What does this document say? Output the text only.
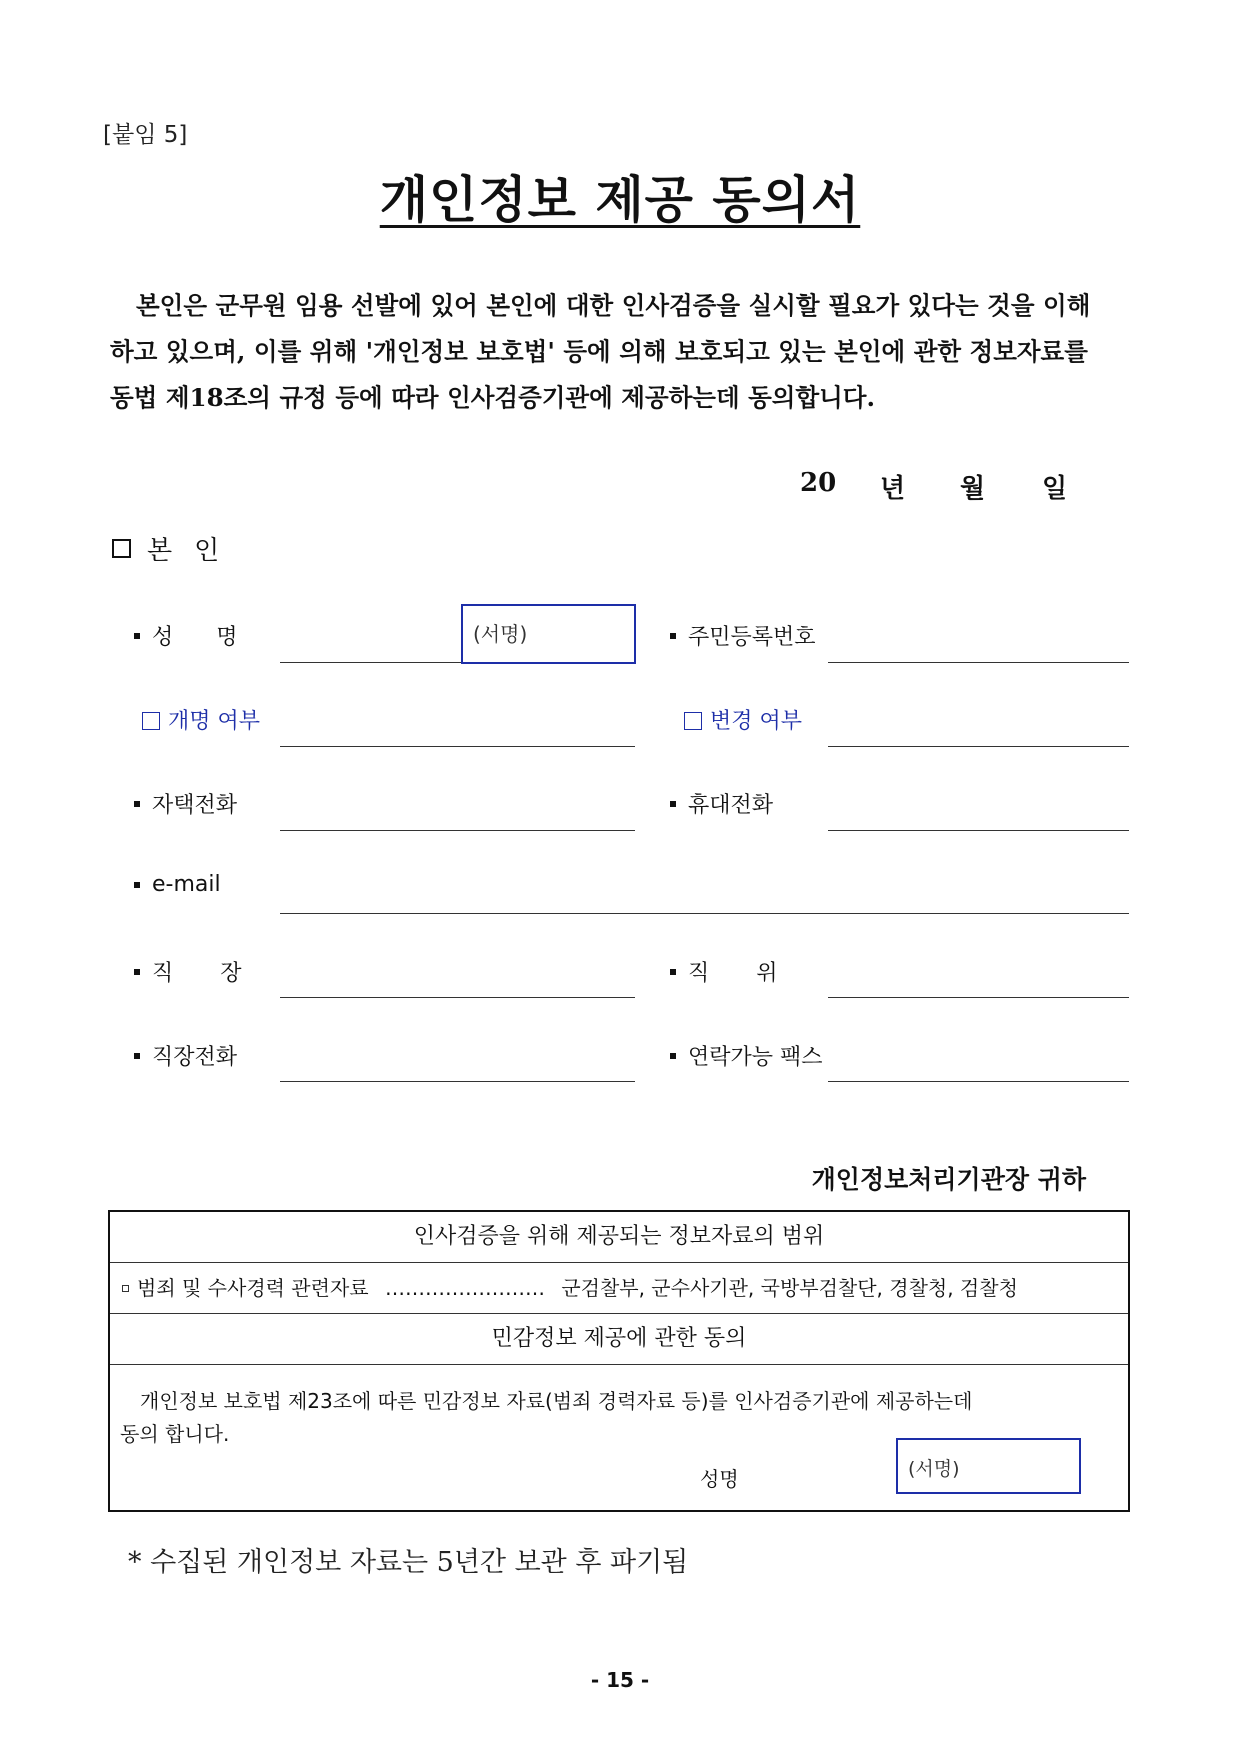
[붙임 5]
개인정보 제공 동의서
본인은 군무원 임용 선발에 있어 본인에 대한 인사검증을 실시할 필요가 있다는 것을 이해
하고 있으며, 이를 위해 '개인정보 보호법' 등에 의해 보호되고 있는 본인에 관한 정보자료를
동법 제18조의 규정 등에 따라 인사검증기관에 제공하는데 동의합니다.
20 년 월 일
본인
성 명	(서명)	주민등록번호
개명 여부	변경 여부
자택전화	휴대전화
e-mail
직 장	직 위
직장전화	연락가능 팩스
개인정보처리기관장 귀하
인사검증을 위해 제공되는 정보자료의 범위
범죄 및 수사경력 관련자료 …………………… 군검찰부, 군수사기관, 국방부검찰단, 경찰청, 검찰청
민감정보 제공에 관한 동의
개인정보 보호법 제23조에 따른 민감정보 자료(범죄 경력자료 등)를 인사검증기관에 제공하는데
동의 합니다.
성명	(서명)
* 수집된 개인정보 자료는 5년간 보관 후 파기됨
- 15 -
